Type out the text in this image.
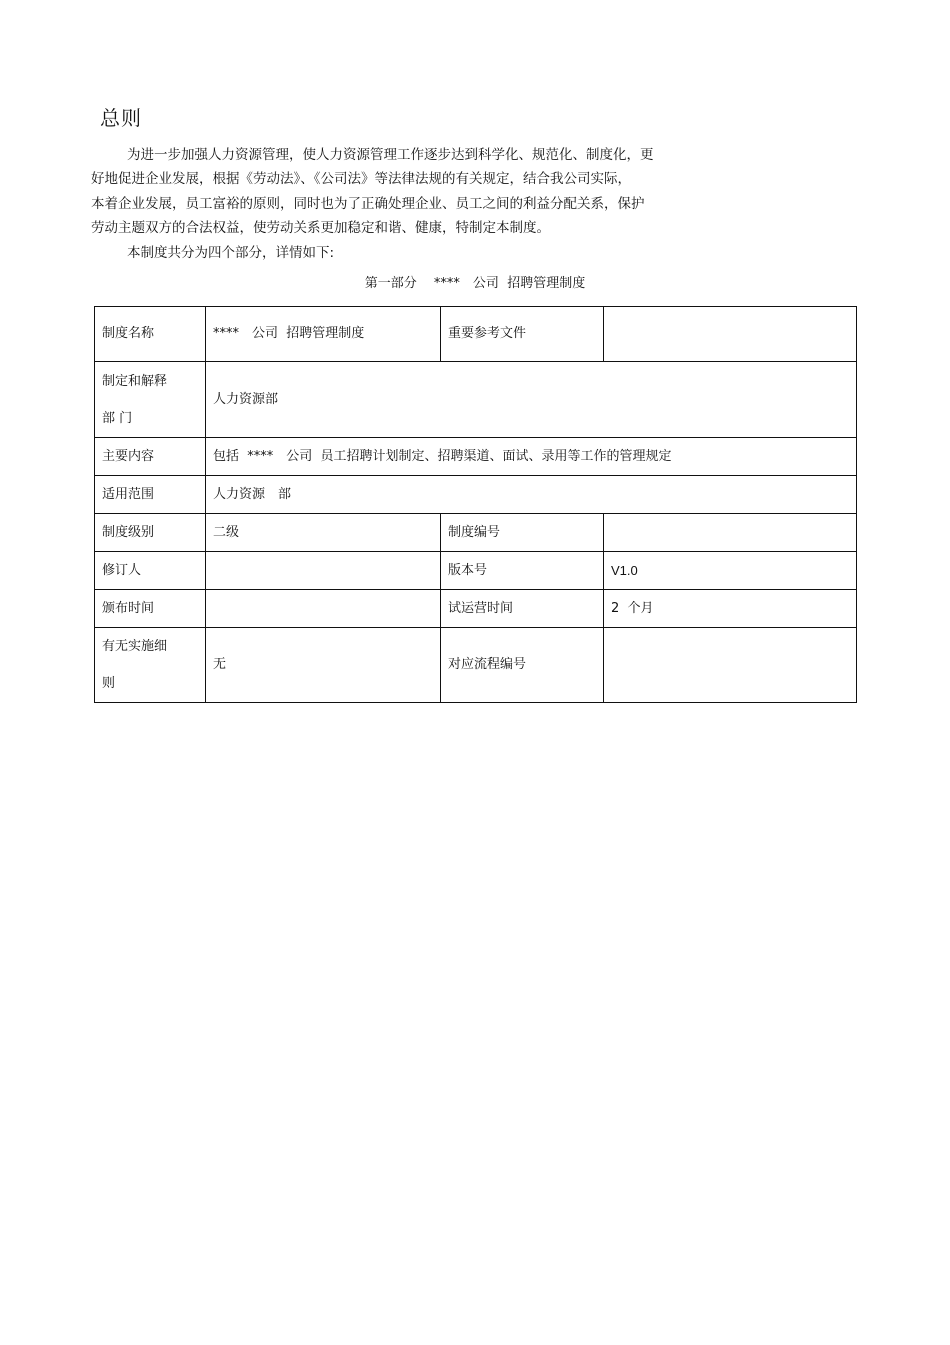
总则
为进一步加强人力资源管理，使人力资源管理工作逐步达到科学化、规范化、制度化，更
好地促进企业发展，根据《劳动法》、《公司法》等法律法规的有关规定，结合我公司实际，
本着企业发展，员工富裕的原则，同时也为了正确处理企业、员工之间的利益分配关系，保护
劳动主题双方的合法权益，使劳动关系更加稳定和谐、健康，特制定本制度。
本制度共分为四个部分，详情如下:
第一部分　 ****　公司  招聘管理制度
制度名称	****　公司  招聘管理制度	重要参考文件	

制定和解释
部 门	人力资源部		
主要内容	包括  ****　公司  员工招聘计划制定、招聘渠道、面试、录用等工作的管理规定		
适用范围	人力资源　部		
制度级别	二级	制度编号	
修订人		版本号	V1.0
颁布时间		试运营时间	2  个月

有无实施细
则	无	对应流程编号	
